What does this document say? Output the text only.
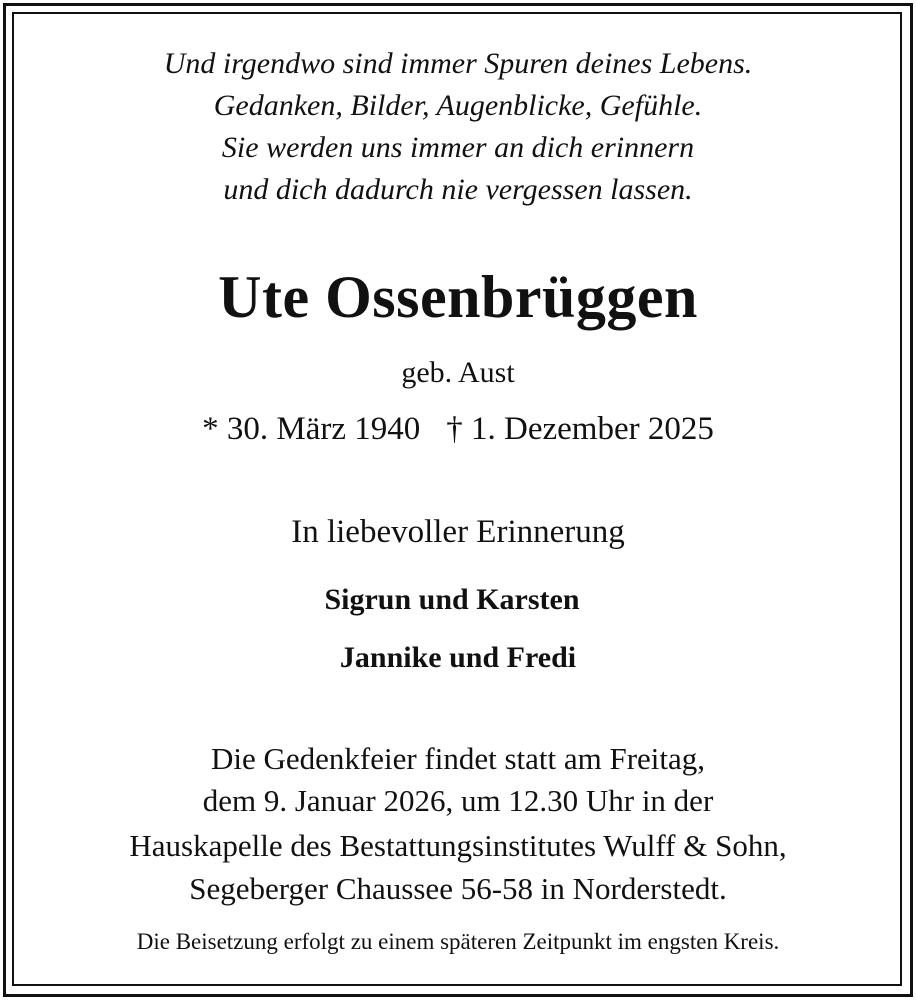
Und irgendwo sind immer Spuren deines Lebens.
Gedanken, Bilder, Augenblicke, Gefühle.
Sie werden uns immer an dich erinnern
und dich dadurch nie vergessen lassen.
Ute Ossenbrüggen
geb. Aust
* 30. März 1940 † 1. Dezember 2025
In liebevoller Erinnerung
Sigrun und Karsten
Jannike und Fredi
Die Gedenkfeier findet statt am Freitag,
dem 9. Januar 2026, um 12.30 Uhr in der
Hauskapelle des Bestattungsinstitutes Wulff & Sohn,
Segeberger Chaussee 56-58 in Norderstedt.
Die Beisetzung erfolgt zu einem späteren Zeitpunkt im engsten Kreis.
